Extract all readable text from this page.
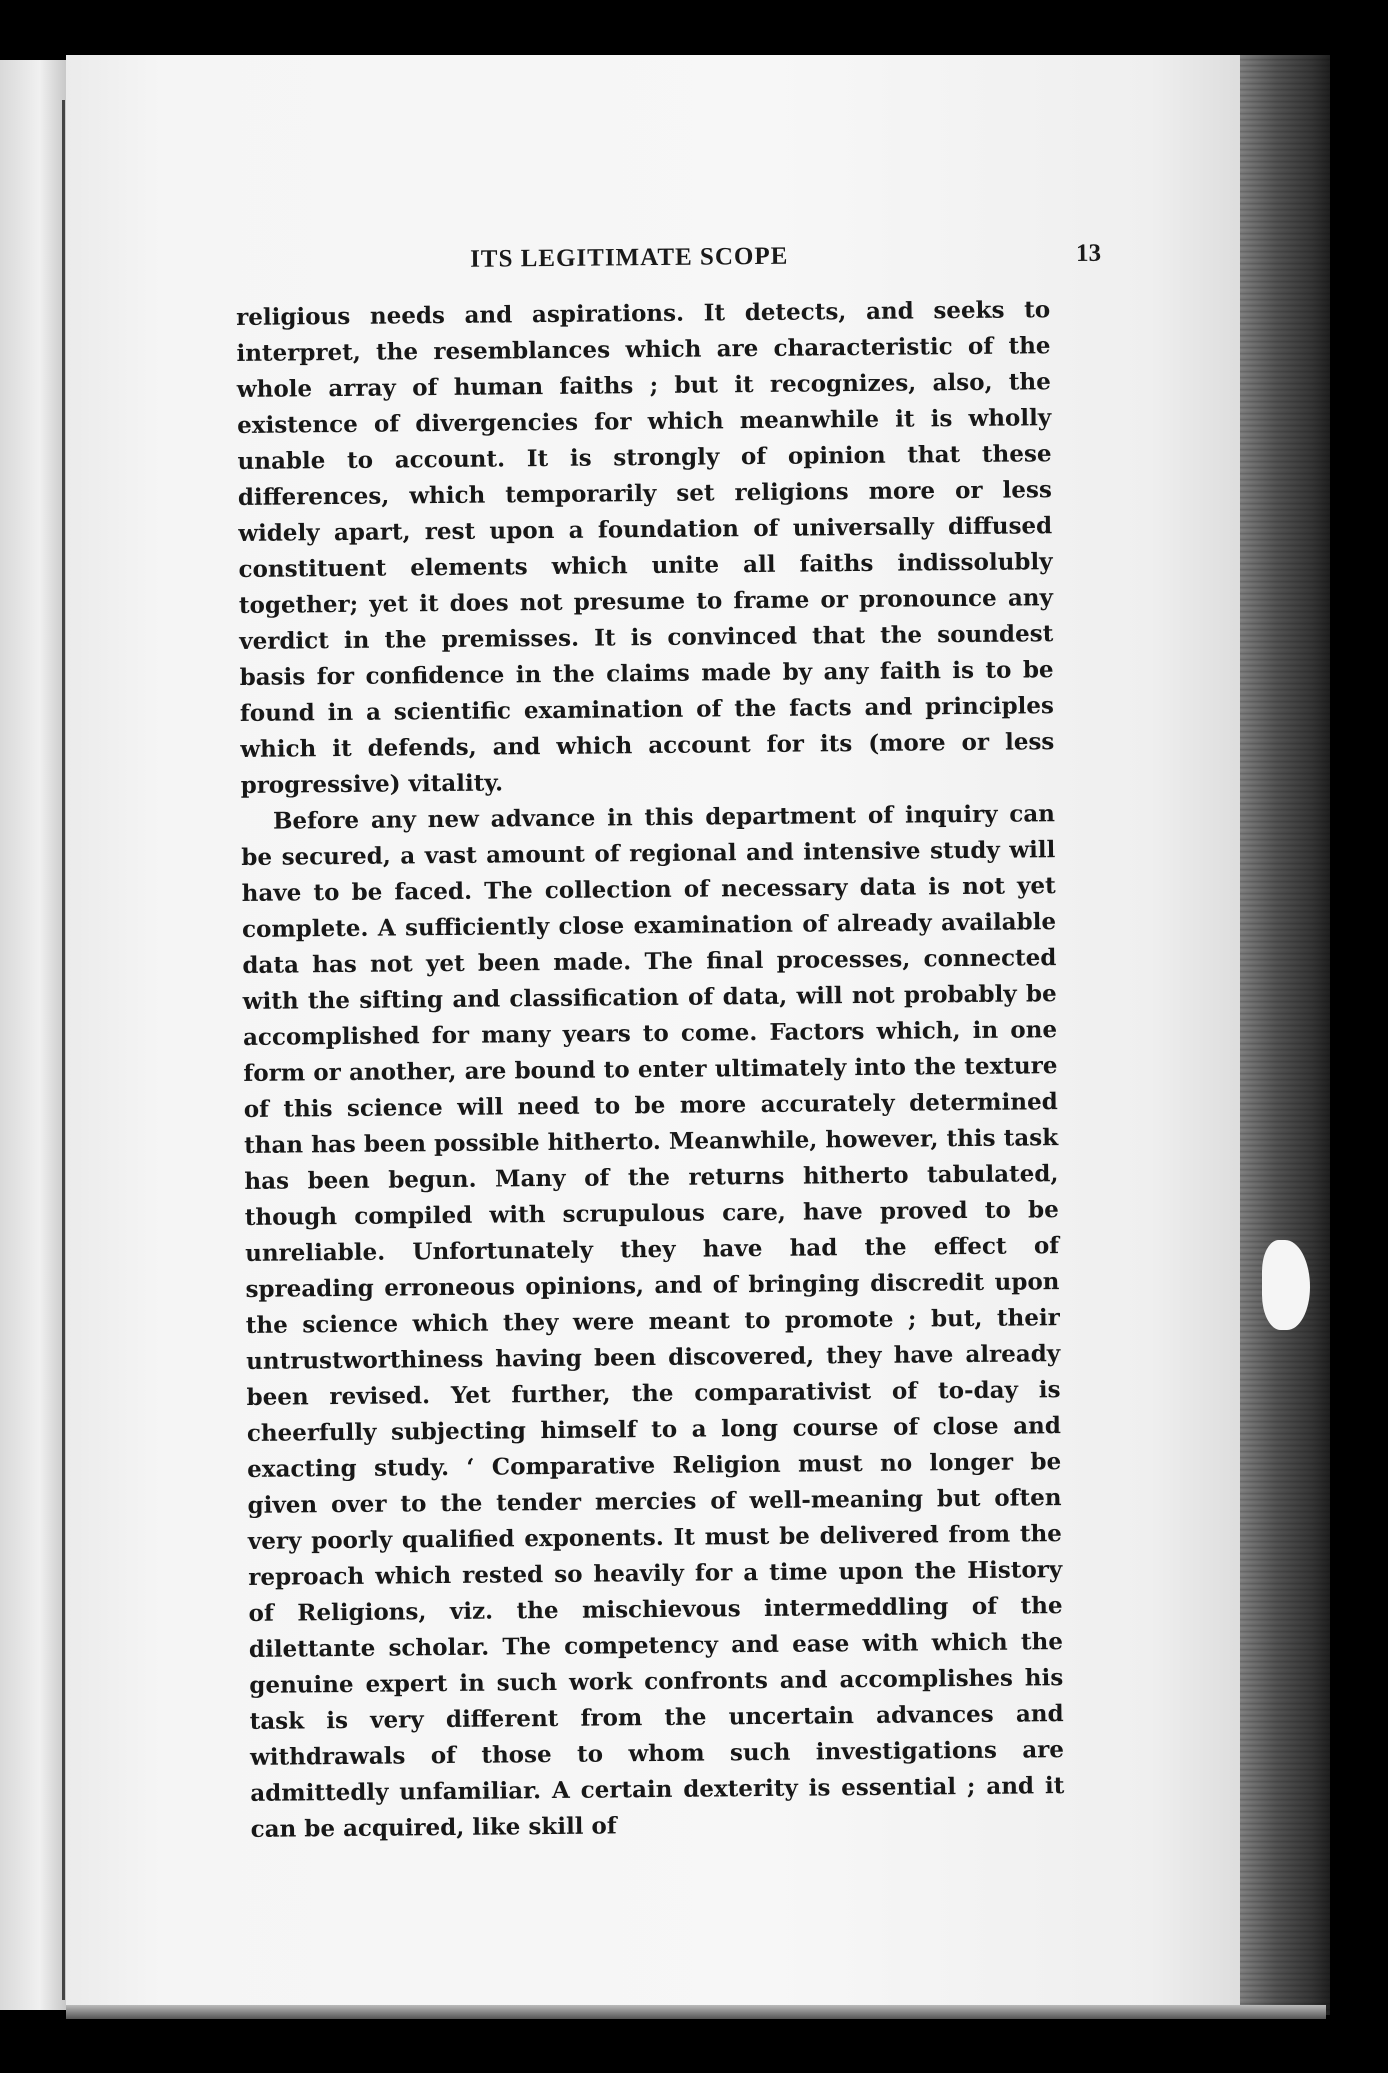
ITS LEGITIMATE SCOPE	13

religious needs and aspirations. It detects, and seeks to interpret, the resemblances which are characteristic of the whole array of human faiths ; but it recognizes, also, the existence of divergencies for which meanwhile it is wholly unable to account. It is strongly of opinion that these differences, which temporarily set religions more or less widely apart, rest upon a foundation of universally diffused constituent elements which unite all faiths indissolubly together; yet it does not presume to frame or pronounce any verdict in the premisses. It is convinced that the soundest basis for confidence in the claims made by any faith is to be found in a scientific examination of the facts and principles which it defends, and which account for its (more or less progressive) vitality.

Before any new advance in this department of inquiry can be secured, a vast amount of regional and intensive study will have to be faced. The collection of necessary data is not yet complete. A sufficiently close examination of already available data has not yet been made. The final processes, connected with the sifting and classification of data, will not probably be accomplished for many years to come. Factors which, in one form or another, are bound to enter ultimately into the texture of this science will need to be more accurately determined than has been possible hitherto. Meanwhile, however, this task has been begun. Many of the returns hitherto tabulated, though compiled with scrupulous care, have proved to be unreliable. Unfortunately they have had the effect of spreading erroneous opinions, and of bringing discredit upon the science which they were meant to promote ; but, their untrustworthiness having been discovered, they have already been revised. Yet further, the comparativist of to-day is cheerfully subjecting himself to a long course of close and exacting study. ‘ Comparative Religion must no longer be given over to the tender mercies of well-meaning but often very poorly qualified exponents. It must be delivered from the reproach which rested so heavily for a time upon the History of Religions, viz. the mischievous intermeddling of the dilettante scholar. The competency and ease with which the genuine expert in such work confronts and accomplishes his task is very different from the uncertain advances and withdrawals of those to whom such investigations are admittedly unfamiliar. A certain dexterity is essential ; and it can be acquired, like skill of
